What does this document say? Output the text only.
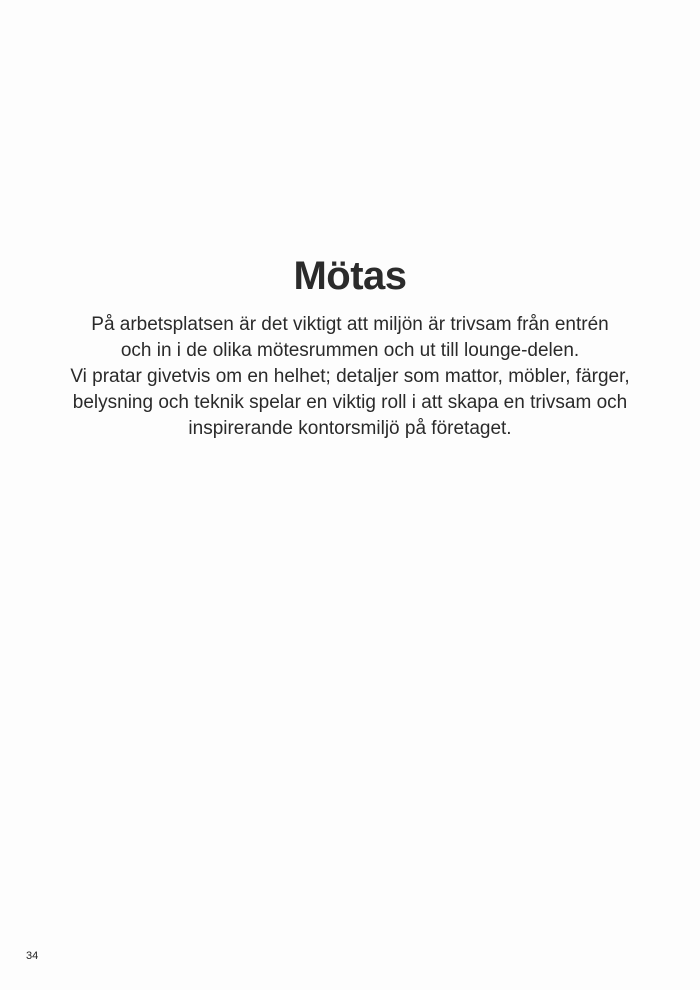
Mötas
På arbetsplatsen är det viktigt att miljön är trivsam från entrén
och in i de olika mötesrummen och ut till lounge-delen.
Vi pratar givetvis om en helhet; detaljer som mattor, möbler, färger,
belysning och teknik spelar en viktig roll i att skapa en trivsam och
inspirerande kontorsmiljö på företaget.
34
